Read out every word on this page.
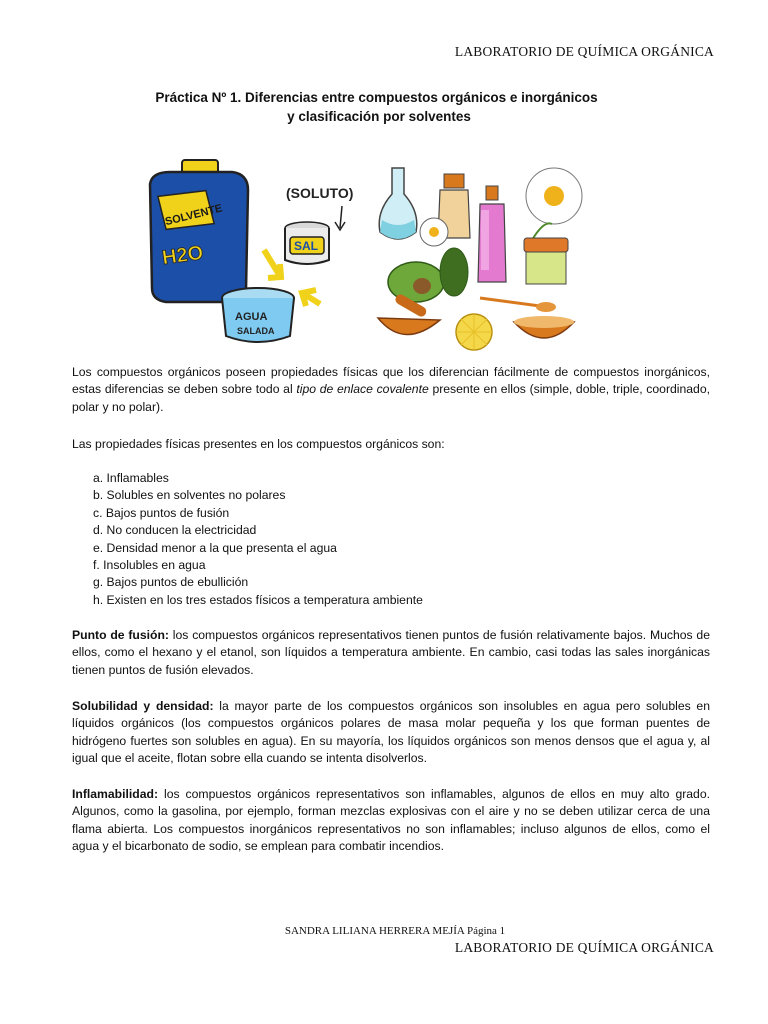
LABORATORIO DE QUÍMICA ORGÁNICA
Práctica Nº 1. Diferencias entre compuestos orgánicos e inorgánicos
y clasificación por solventes
SOLVENTE
H2O
(SOLUTO)
SAL
AGUA
SALADA
Los compuestos orgánicos poseen propiedades físicas que los diferencian fácilmente de compuestos inorgánicos, estas diferencias se deben sobre todo al tipo de enlace covalente presente en ellos (simple, doble, triple, coordinado, polar y no polar).
Las propiedades físicas presentes en los compuestos orgánicos son:
a. Inflamables
b. Solubles en solventes no polares
c. Bajos puntos de fusión
d. No conducen la electricidad
e. Densidad menor a la que presenta el agua
f. Insolubles en agua
g. Bajos puntos de ebullición
h. Existen en los tres estados físicos a temperatura ambiente
Punto de fusión: los compuestos orgánicos representativos tienen puntos de fusión relativamente bajos. Muchos de ellos, como el hexano y el etanol, son líquidos a temperatura ambiente. En cambio, casi todas las sales inorgánicas tienen puntos de fusión elevados.
Solubilidad y densidad: la mayor parte de los compuestos orgánicos son insolubles en agua pero solubles en líquidos orgánicos (los compuestos orgánicos polares de masa molar pequeña y los que forman puentes de hidrógeno fuertes son solubles en agua). En su mayoría, los líquidos orgánicos son menos densos que el agua y, al igual que el aceite, flotan sobre ella cuando se intenta disolverlos.
Inflamabilidad: los compuestos orgánicos representativos son inflamables, algunos de ellos en muy alto grado. Algunos, como la gasolina, por ejemplo, forman mezclas explosivas con el aire y no se deben utilizar cerca de una flama abierta. Los compuestos inorgánicos representativos no son inflamables; incluso algunos de ellos, como el agua y el bicarbonato de sodio, se emplean para combatir incendios.
SANDRA LILIANA HERRERA MEJÍA Página 1
LABORATORIO DE QUÍMICA ORGÁNICA
